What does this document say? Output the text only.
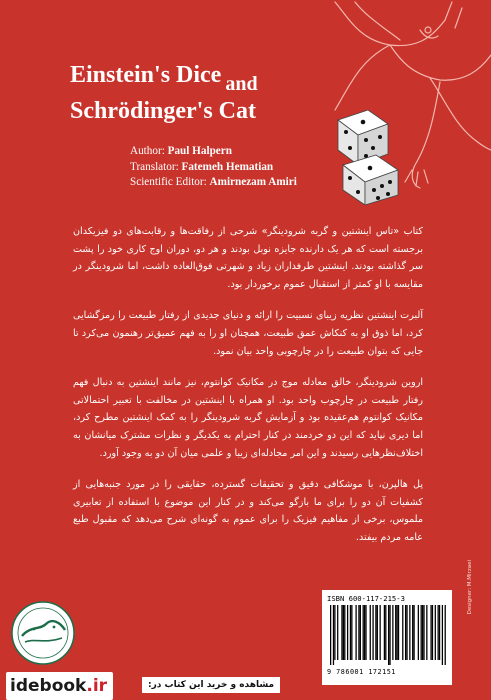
Einstein's Dice $_{and}$
Schrödinger's Cat
Author: Paul Halpern
Translator: Fatemeh Hematian
Scientific Editor: Amirnezam Amiri

کتاب «تاس اینشتین و گربه شرودینگر» شرحی از رفاقت‌ها و رقابت‌های دو فیزیکدان برجسته است که هر یک دارنده جایزه نوبل بودند و هر دو، دوران اوج کاری خود را پشت سر گذاشته بودند. اینشتین طرفداران زیاد و شهرتی فوق‌العاده داشت، اما شرودینگر در مقایسه با او کمتر از استقبال عموم برخوردار بود.

آلبرت اینشتین نظریه زیبای نسبیت را ارائه و دنیای جدیدی از رفتار طبیعت را رمزگشایی کرد، اما ذوق او به کنکاش عمق طبیعت، همچنان او را به فهم عمیق‌تر رهنمون می‌کرد تا جایی که بتوان طبیعت را در چارچوبی واحد بیان نمود.

اروین شرودینگر، خالق معادله موج در مکانیک کوانتوم، نیز مانند اینشتین به دنبال فهم رفتار طبیعت در چارچوب واحد بود. او همراه با اینشتین در مخالفت با تعبیر احتمالاتی مکانیک کوانتوم هم‌عقیده بود و آزمایش گربه شرودینگر را به کمک اینشتین مطرح کرد، اما دیری نپاید که این دو خردمند در کنار احترام به یکدیگر و نظرات مشترک میانشان به اختلاف‌نظرهایی رسیدند و این امر مجادله‌ای زیبا و علمی میان آن دو به وجود آورد.

پل هالپرن، با موشکافی دقیق و تحقیقات گسترده، حقایقی را در مورد جنبه‌هایی از کشفیات آن دو را برای ما بازگو می‌کند و در کنار این موضوع با استفاده از تعابیری ملموس، برخی از مفاهیم فیزیک را برای عموم به گونه‌ای شرح می‌دهد که مقبول طبع عامه مردم بیفتد.

Designer: M.Mirzaei
ISBN 600-117-215-3
9 786001 172151
idebook .ir	مشاهده و خرید این کتاب در:
